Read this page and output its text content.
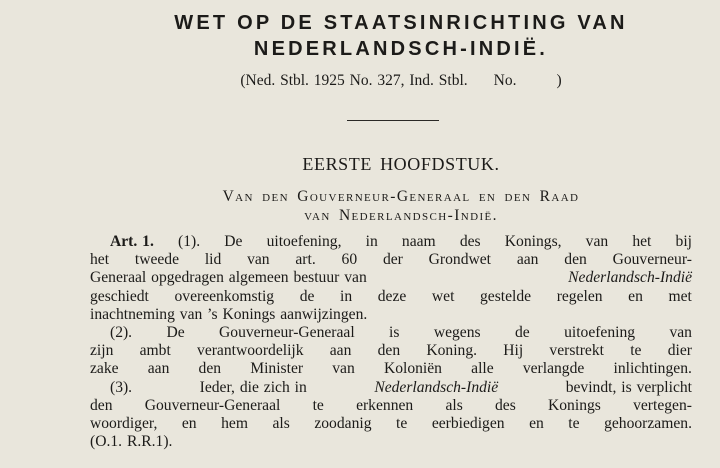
WET OP DE STAATSINRICHTING VAN
NEDERLANDSCH-INDIË.
(Ned. Stbl. 1925 No. 327, Ind. Stbl. No.	)
EERSTE HOOFDSTUK.
Van den Gouverneur-Generaal en den Raad
van Nederlandsch-Indië.
Art. 1. (1). De uitoefening, in naam des Konings, van het bij
het tweede lid van art. 60 der Grondwet aan den Gouverneur-
Generaal opgedragen algemeen bestuur van	Nederlandsch-Indië
geschiedt overeenkomstig de in deze wet gestelde regelen en met
inachtneming van ’s Konings aanwijzingen.
(2). De Gouverneur-Generaal is wegens de uitoefening van
zijn ambt verantwoordelijk aan den Koning. Hij verstrekt te dier
zake aan den Minister van Koloniën alle verlangde inlichtingen.
(3).	Ieder, die zich in	Nederlandsch-Indië	bevindt, is verplicht
den Gouverneur-Generaal te erkennen als des Konings vertegen-
woordiger, en hem als zoodanig te eerbiedigen en te gehoorzamen.
(O.1. R.R.1).
